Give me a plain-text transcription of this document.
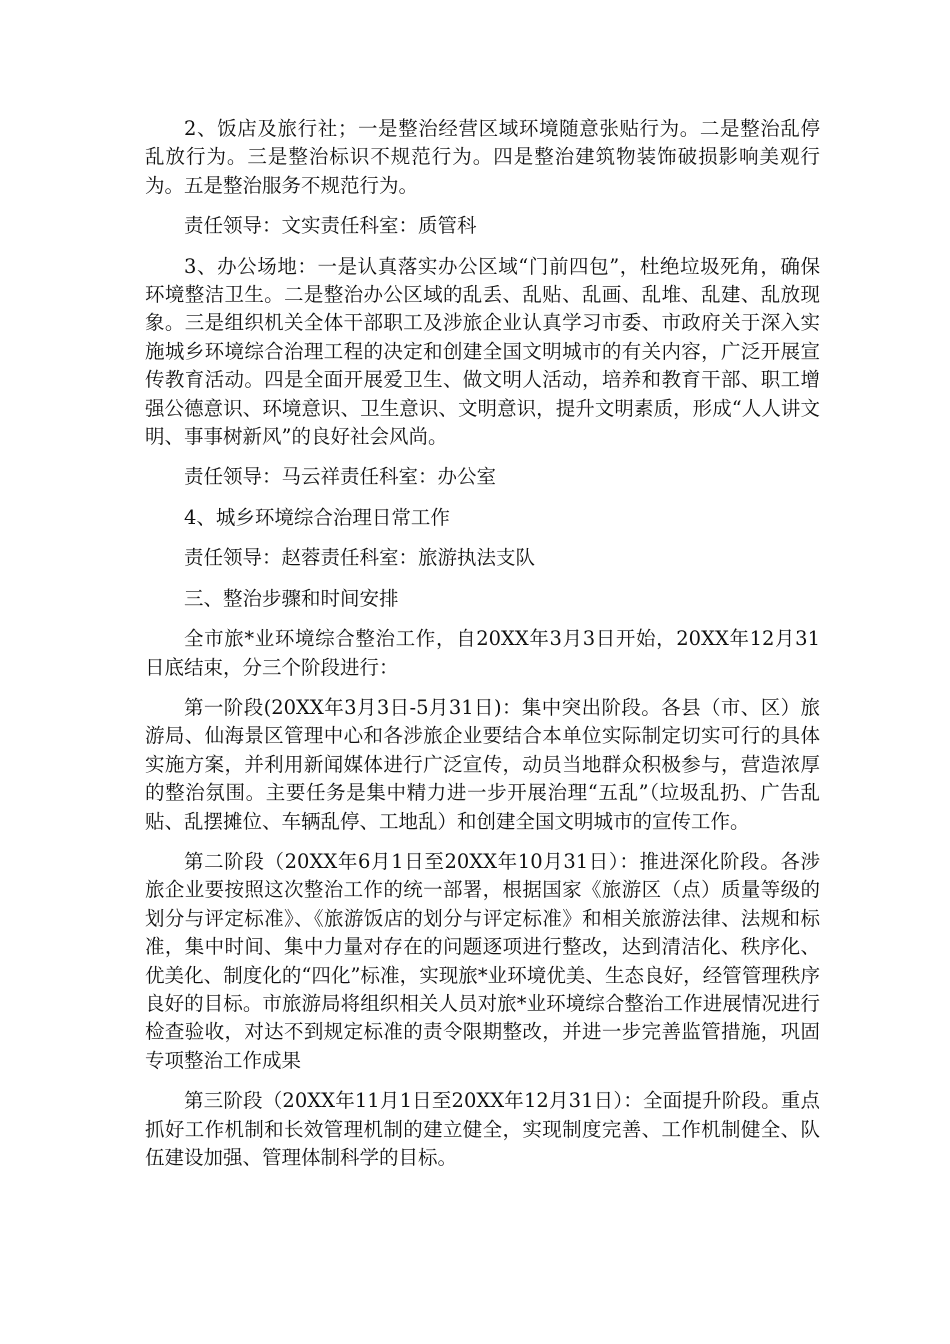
2、饭店及旅行社；一是整治经营区域环境随意张贴行为。二是整治乱停乱放行为。三是整治标识不规范行为。四是整治建筑物装饰破损影响美观行为。五是整治服务不规范行为。

责任领导：文实责任科室：质管科

3、办公场地：一是认真落实办公区域“门前四包”，杜绝垃圾死角，确保环境整洁卫生。二是整治办公区域的乱丢、乱贴、乱画、乱堆、乱建、乱放现象。三是组织机关全体干部职工及涉旅企业认真学习市委、市政府关于深入实施城乡环境综合治理工程的决定和创建全国文明城市的有关内容，广泛开展宣传教育活动。四是全面开展爱卫生、做文明人活动，培养和教育干部、职工增强公德意识、环境意识、卫生意识、文明意识，提升文明素质，形成“人人讲文明、事事树新风”的良好社会风尚。

责任领导：马云祥责任科室：办公室

4、城乡环境综合治理日常工作

责任领导：赵蓉责任科室：旅游执法支队

三、整治步骤和时间安排

全市旅*业环境综合整治工作，自20XX年3月3日开始，20XX年12月31日底结束，分三个阶段进行：

第一阶段(20XX年3月3日-5月31日)：集中突出阶段。各县（市、区）旅游局、仙海景区管理中心和各涉旅企业要结合本单位实际制定切实可行的具体实施方案，并利用新闻媒体进行广泛宣传，动员当地群众积极参与，营造浓厚的整治氛围。主要任务是集中精力进一步开展治理“五乱”（垃圾乱扔、广告乱贴、乱摆摊位、车辆乱停、工地乱）和创建全国文明城市的宣传工作。

第二阶段（20XX年6月1日至20XX年10月31日）：推进深化阶段。各涉旅企业要按照这次整治工作的统一部署，根据国家《旅游区（点）质量等级的划分与评定标准》、《旅游饭店的划分与评定标准》和相关旅游法律、法规和标准，集中时间、集中力量对存在的问题逐项进行整改，达到清洁化、秩序化、优美化、制度化的“四化”标准，实现旅*业环境优美、生态良好，经管管理秩序良好的目标。市旅游局将组织相关人员对旅*业环境综合整治工作进展情况进行检查验收，对达不到规定标准的责令限期整改，并进一步完善监管措施，巩固专项整治工作成果

第三阶段（20XX年11月1日至20XX年12月31日）：全面提升阶段。重点抓好工作机制和长效管理机制的建立健全，实现制度完善、工作机制健全、队伍建设加强、管理体制科学的目标。
